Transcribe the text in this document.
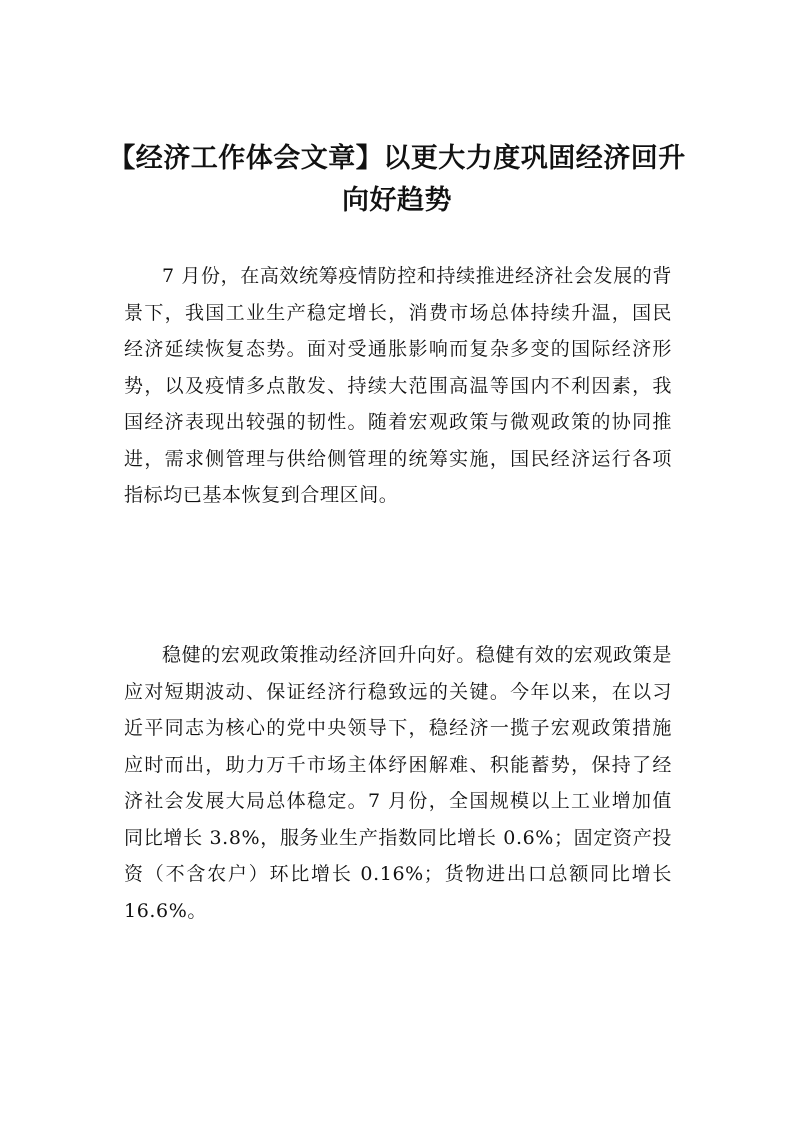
【经济工作体会文章】以更大力度巩固经济回升向好趋势

7 月份，在高效统筹疫情防控和持续推进经济社会发展的背景下，我国工业生产稳定增长，消费市场总体持续升温，国民经济延续恢复态势。面对受通胀影响而复杂多变的国际经济形势，以及疫情多点散发、持续大范围高温等国内不利因素，我国经济表现出较强的韧性。随着宏观政策与微观政策的协同推进，需求侧管理与供给侧管理的统筹实施，国民经济运行各项指标均已基本恢复到合理区间。

稳健的宏观政策推动经济回升向好。稳健有效的宏观政策是应对短期波动、保证经济行稳致远的关键。今年以来，在以习近平同志为核心的党中央领导下，稳经济一揽子宏观政策措施应时而出，助力万千市场主体纾困解难、积能蓄势，保持了经济社会发展大局总体稳定。7 月份，全国规模以上工业增加值同比增长 3.8%，服务业生产指数同比增长 0.6%；固定资产投资（不含农户）环比增长 0.16%；货物进出口总额同比增长 16.6%。
